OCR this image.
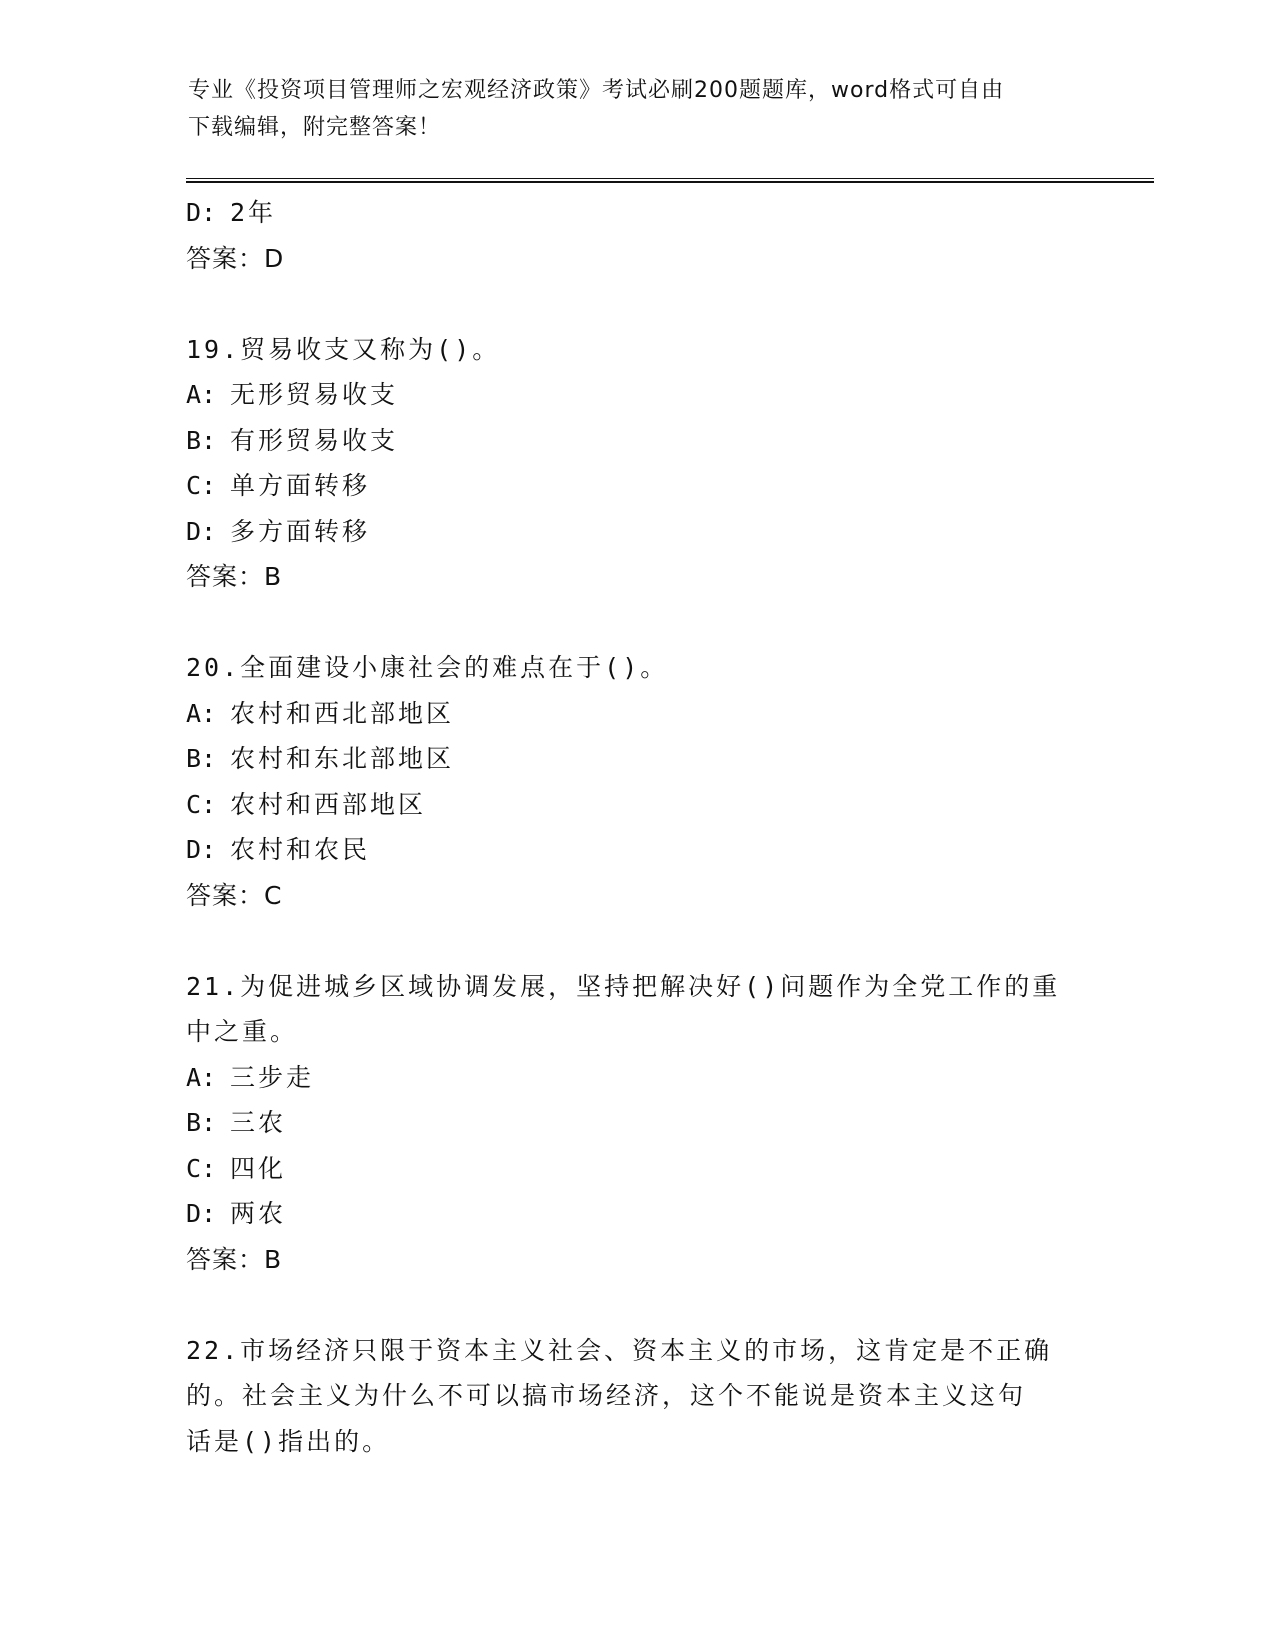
专业《投资项目管理师之宏观经济政策》考试必刷200题题库，word格式可自由
下载编辑，附完整答案！
D: 2年
答案：D
19.贸易收支又称为()。
A: 无形贸易收支
B: 有形贸易收支
C: 单方面转移
D: 多方面转移
答案：B
20.全面建设小康社会的难点在于()。
A: 农村和西北部地区
B: 农村和东北部地区
C: 农村和西部地区
D: 农村和农民
答案：C
21.为促进城乡区域协调发展，坚持把解决好()问题作为全党工作的重
中之重。
A: 三步走
B: 三农
C: 四化
D: 两农
答案：B
22.市场经济只限于资本主义社会、资本主义的市场，这肯定是不正确
的。社会主义为什么不可以搞市场经济，这个不能说是资本主义这句
话是()指出的。
